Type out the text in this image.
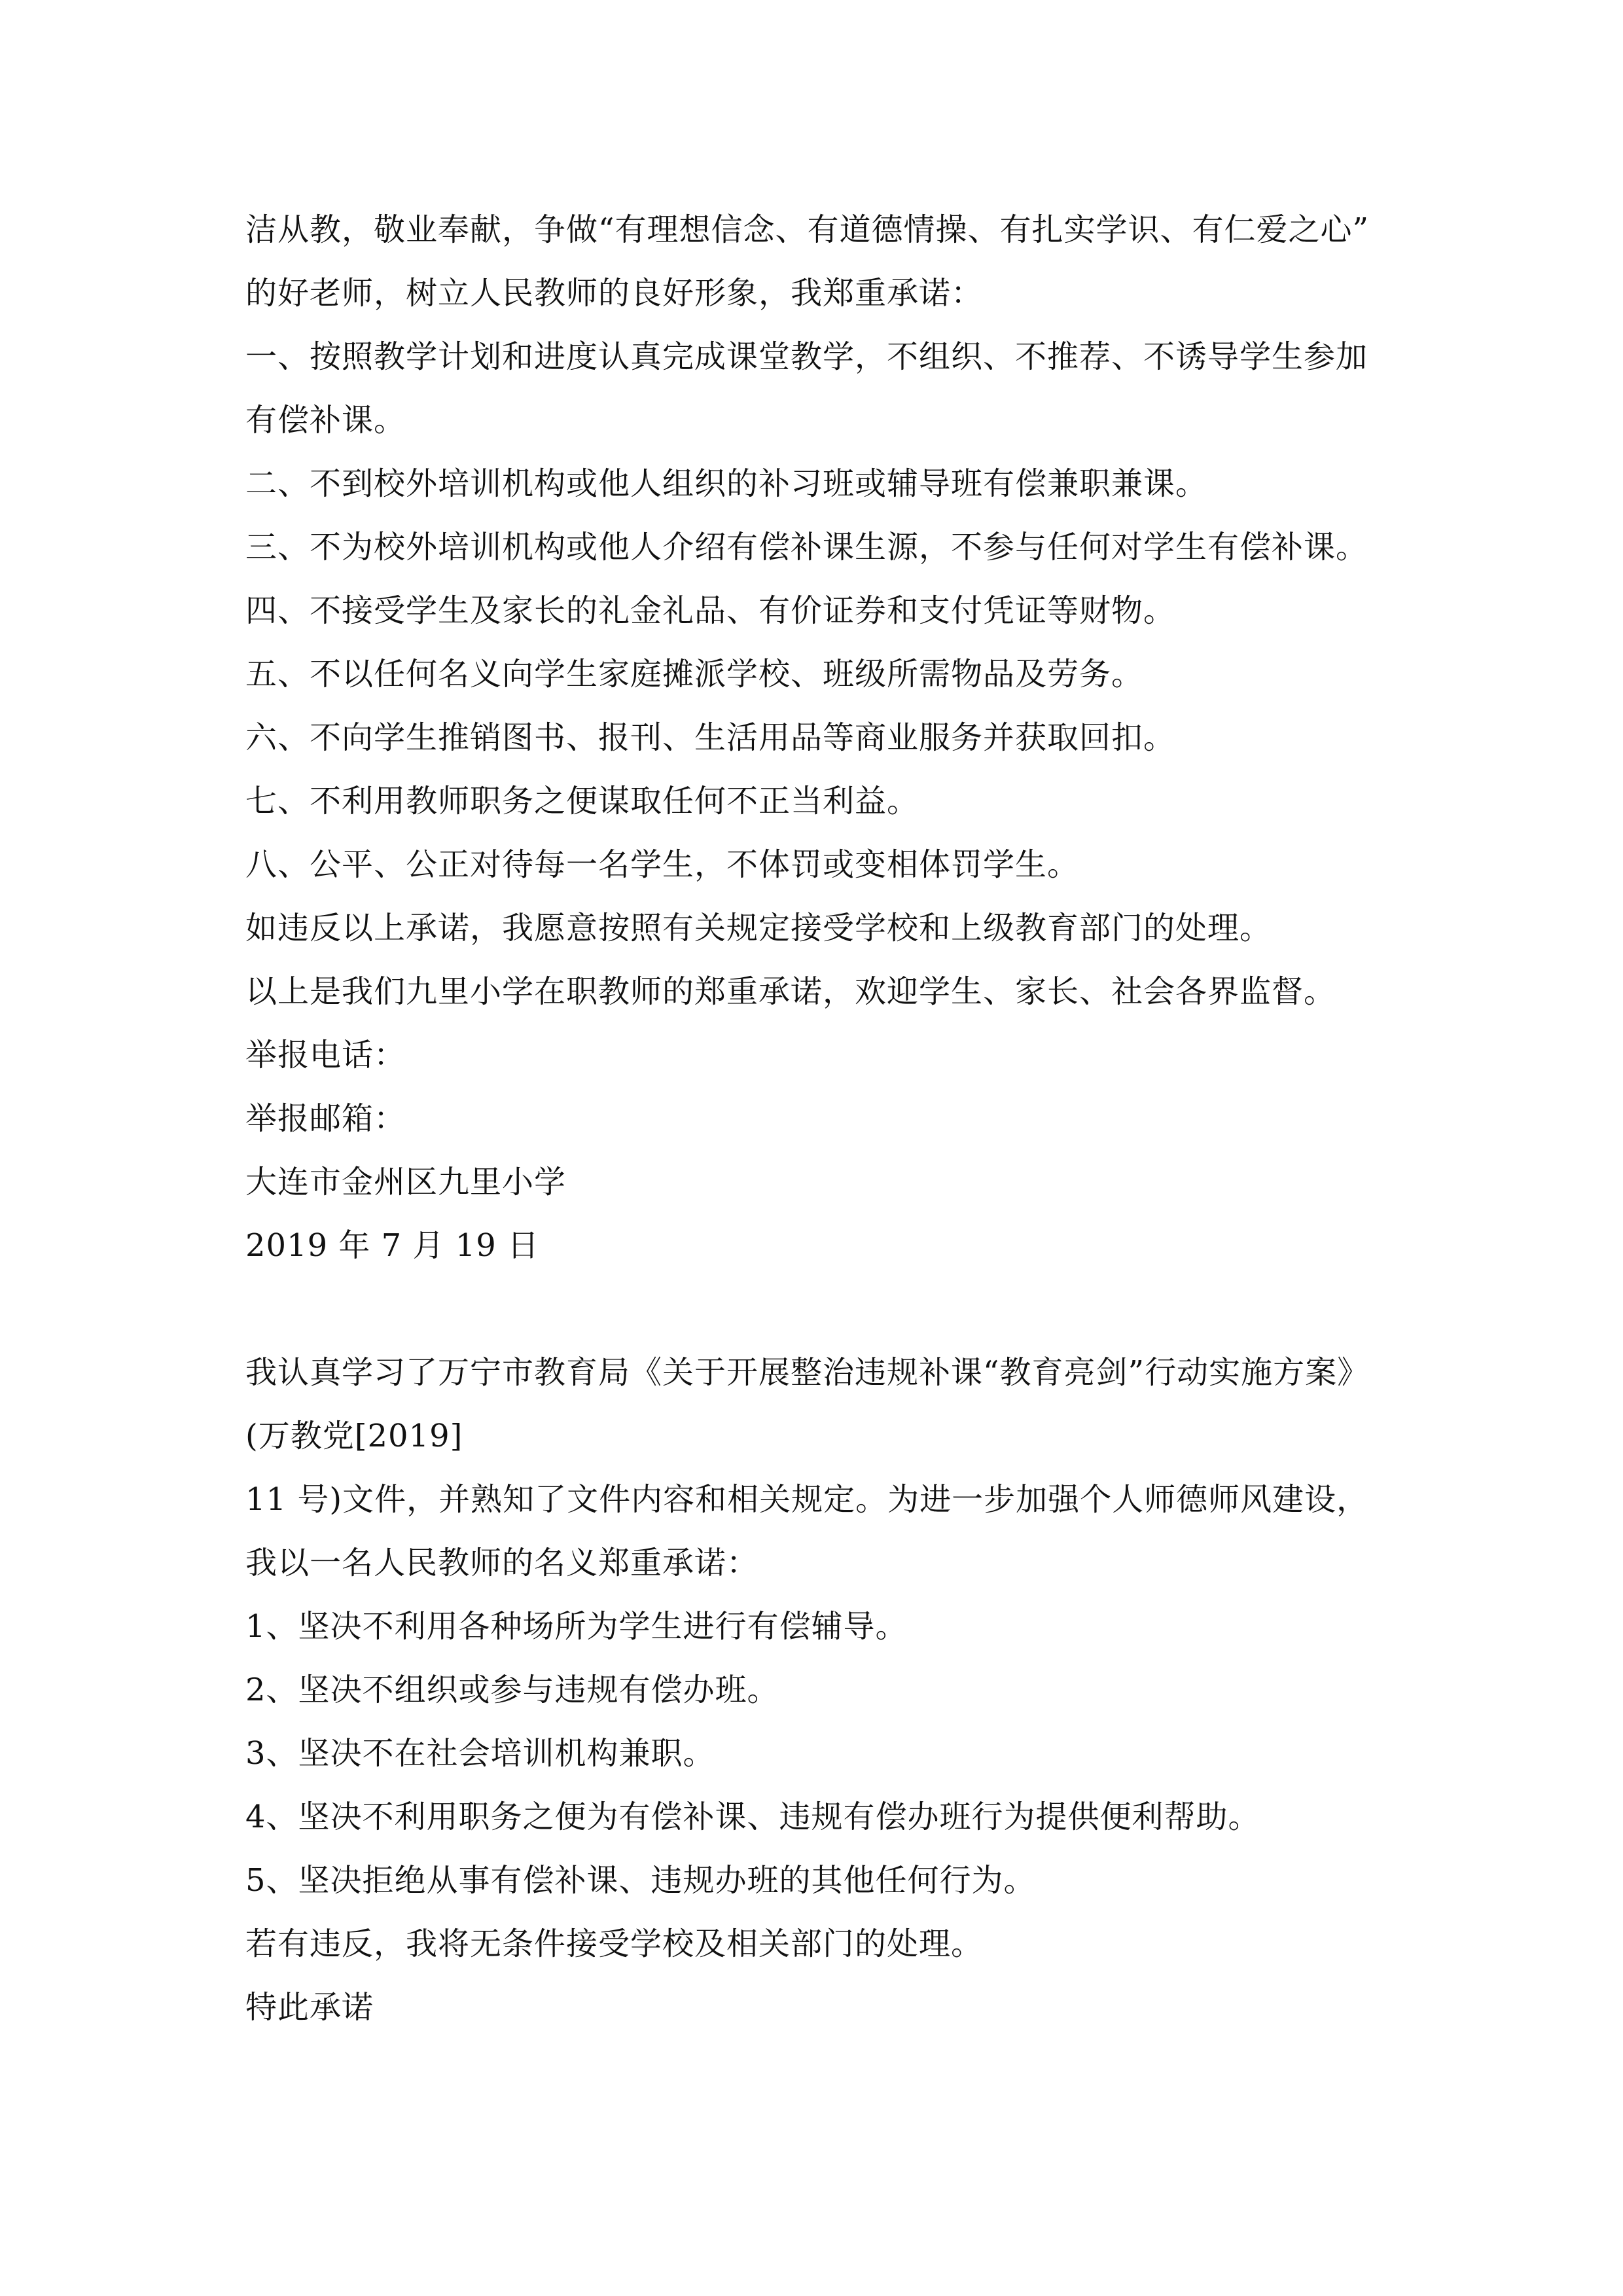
洁从教，敬业奉献，争做“有理想信念、有道德情操、有扎实学识、有仁爱之心”
的好老师，树立人民教师的良好形象，我郑重承诺：
一、按照教学计划和进度认真完成课堂教学，不组织、不推荐、不诱导学生参加
有偿补课。
二、不到校外培训机构或他人组织的补习班或辅导班有偿兼职兼课。
三、不为校外培训机构或他人介绍有偿补课生源，不参与任何对学生有偿补课。
四、不接受学生及家长的礼金礼品、有价证券和支付凭证等财物。
五、不以任何名义向学生家庭摊派学校、班级所需物品及劳务。
六、不向学生推销图书、报刊、生活用品等商业服务并获取回扣。
七、不利用教师职务之便谋取任何不正当利益。
八、公平、公正对待每一名学生，不体罚或变相体罚学生。
如违反以上承诺，我愿意按照有关规定接受学校和上级教育部门的处理。
以上是我们九里小学在职教师的郑重承诺，欢迎学生、家长、社会各界监督。
举报电话：
举报邮箱：
大连市金州区九里小学
2019 年 7 月 19 日
我认真学习了万宁市教育局《关于开展整治违规补课“教育亮剑”行动实施方案》
(万教党[2019]
11 号)文件，并熟知了文件内容和相关规定。为进一步加强个人师德师风建设，
我以一名人民教师的名义郑重承诺：
1、坚决不利用各种场所为学生进行有偿辅导。
2、坚决不组织或参与违规有偿办班。
3、坚决不在社会培训机构兼职。
4、坚决不利用职务之便为有偿补课、违规有偿办班行为提供便利帮助。
5、坚决拒绝从事有偿补课、违规办班的其他任何行为。
若有违反，我将无条件接受学校及相关部门的处理。
特此承诺
